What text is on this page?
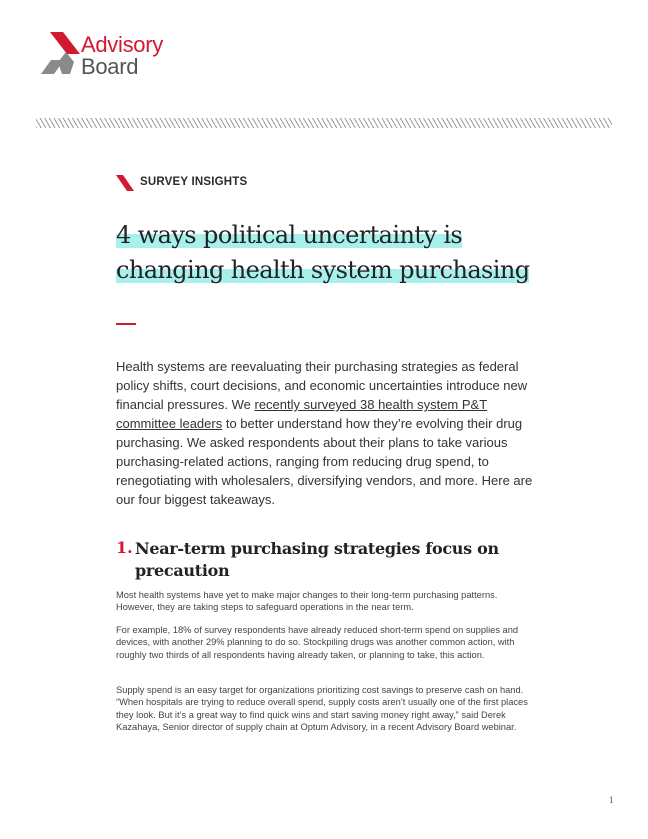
Advisory
Board
SURVEY INSIGHTS
4 ways political uncertainty is
changing health system purchasing

Health systems are reevaluating their purchasing strategies as federal policy shifts, court decisions, and economic uncertainties introduce new financial pressures. We recently surveyed 38 health system P&T committee leaders to better understand how they’re evolving their drug purchasing. We asked respondents about their plans to take various purchasing-related actions, ranging from reducing drug spend, to renegotiating with wholesalers, diversifying vendors, and more. Here are our four biggest takeaways.

1. Near-term purchasing strategies focus on precaution

Most health systems have yet to make major changes to their long-term purchasing patterns. However, they are taking steps to safeguard operations in the near term.

For example, 18% of survey respondents have already reduced short-term spend on supplies and devices, with another 29% planning to do so. Stockpiling drugs was another common action, with roughly two thirds of all respondents having already taken, or planning to take, this action.

Supply spend is an easy target for organizations prioritizing cost savings to preserve cash on hand. “When hospitals are trying to reduce overall spend, supply costs aren’t usually one of the first places they look. But it’s a great way to find quick wins and start saving money right away,” said Derek Kazahaya, Senior director of supply chain at Optum Advisory, in a recent Advisory Board webinar.

1
